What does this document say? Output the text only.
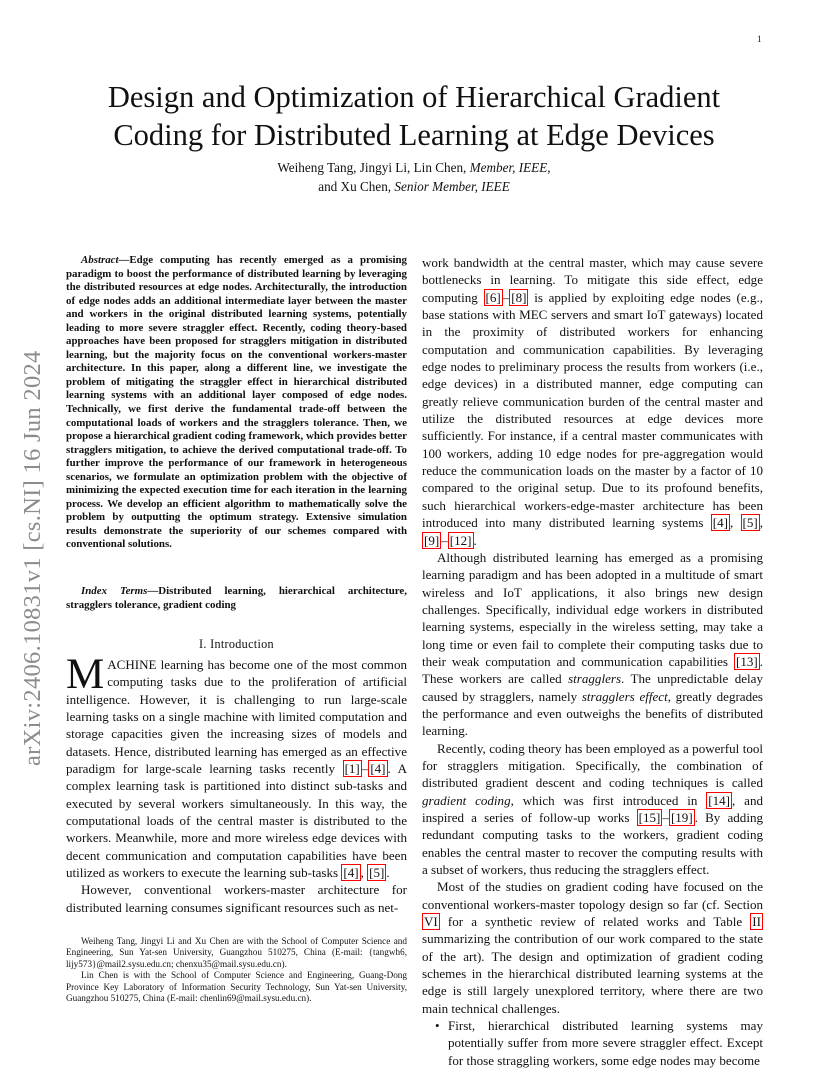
1
arXiv:2406.10831v1 [cs.NI] 16 Jun 2024
Design and Optimization of Hierarchical Gradient
Coding for Distributed Learning at Edge Devices
Weiheng Tang, Jingyi Li, Lin Chen, Member, IEEE,
and Xu Chen, Senior Member, IEEE

Abstract—Edge computing has recently emerged as a promising paradigm to boost the performance of distributed learning by leveraging the distributed resources at edge nodes. Architecturally, the introduction of edge nodes adds an additional intermediate layer between the master and workers in the original distributed learning systems, potentially leading to more severe straggler effect. Recently, coding theory-based approaches have been proposed for stragglers mitigation in distributed learning, but the majority focus on the conventional workers-master architecture. In this paper, along a different line, we investigate the problem of mitigating the straggler effect in hierarchical distributed learning systems with an additional layer composed of edge nodes. Technically, we first derive the fundamental trade-off between the computational loads of workers and the stragglers tolerance. Then, we propose a hierarchical gradient coding framework, which provides better stragglers mitigation, to achieve the derived computational trade-off. To further improve the performance of our framework in heterogeneous scenarios, we formulate an optimization problem with the objective of minimizing the expected execution time for each iteration in the learning process. We develop an efficient algorithm to mathematically solve the problem by outputting the optimum strategy. Extensive simulation results demonstrate the superiority of our schemes compared with conventional solutions.

Index Terms—Distributed learning, hierarchical architecture, stragglers tolerance, gradient coding

I. Introduction

MACHINE learning has become one of the most common computing tasks due to the proliferation of artificial intelligence. However, it is challenging to run large-scale learning tasks on a single machine with limited computation and storage capacities given the increasing sizes of models and datasets. Hence, distributed learning has emerged as an effective paradigm for large-scale learning tasks recently [1] – [4] . A complex learning task is partitioned into distinct sub-tasks and executed by several workers simultaneously. In this way, the computational loads of the central master is distributed to the workers. Meanwhile, more and more wireless edge devices with decent communication and computation capabilities have been utilized as workers to execute the learning sub-tasks [4] , [5] .

However, conventional workers-master architecture for distributed learning consumes significant resources such as net-

Weiheng Tang, Jingyi Li and Xu Chen are with the School of Computer Science and Engineering, Sun Yat-sen University, Guangzhou 510275, China (E-mail: {tangwh6, lijy573}@mail2.sysu.edu.cn; chenxu35@mail.sysu.edu.cn).

Lin Chen is with the School of Computer Science and Engineering, Guang-Dong Province Key Laboratory of Information Security Technology, Sun Yat-sen University, Guangzhou 510275, China (E-mail: chenlin69@mail.sysu.edu.cn).

work bandwidth at the central master, which may cause severe bottlenecks in learning. To mitigate this side effect, edge computing [6] – [8] is applied by exploiting edge nodes (e.g., base stations with MEC servers and smart IoT gateways) located in the proximity of distributed workers for enhancing computation and communication capabilities. By leveraging edge nodes to preliminary process the results from workers (i.e., edge devices) in a distributed manner, edge computing can greatly relieve communication burden of the central master and utilize the distributed resources at edge devices more sufficiently. For instance, if a central master communicates with 100 workers, adding 10 edge nodes for pre-aggregation would reduce the communication loads on the master by a factor of 10 compared to the original setup. Due to its profound benefits, such hierarchical workers-edge-master architecture has been introduced into many distributed learning systems [4] , [5] , [9] – [12] .

Although distributed learning has emerged as a promising learning paradigm and has been adopted in a multitude of smart wireless and IoT applications, it also brings new design challenges. Specifically, individual edge workers in distributed learning systems, especially in the wireless setting, may take a long time or even fail to complete their computing tasks due to their weak computation and communication capabilities [13] . These workers are called stragglers. The unpredictable delay caused by stragglers, namely stragglers effect, greatly degrades the performance and even outweighs the benefits of distributed learning.

Recently, coding theory has been employed as a powerful tool for stragglers mitigation. Specifically, the combination of distributed gradient descent and coding techniques is called gradient coding, which was first introduced in [14] , and inspired a series of follow-up works [15] – [19] . By adding redundant computing tasks to the workers, gradient coding enables the central master to recover the computing results with a subset of workers, thus reducing the stragglers effect.

Most of the studies on gradient coding have focused on the conventional workers-master topology design so far (cf. Section VI for a synthetic review of related works and Table II summarizing the contribution of our work compared to the state of the art). The design and optimization of gradient coding schemes in the hierarchical distributed learning systems at the edge is still largely unexplored territory, where there are two main technical challenges.

• First, hierarchical distributed learning systems may potentially suffer from more severe straggler effect. Except for those straggling workers, some edge nodes may become
